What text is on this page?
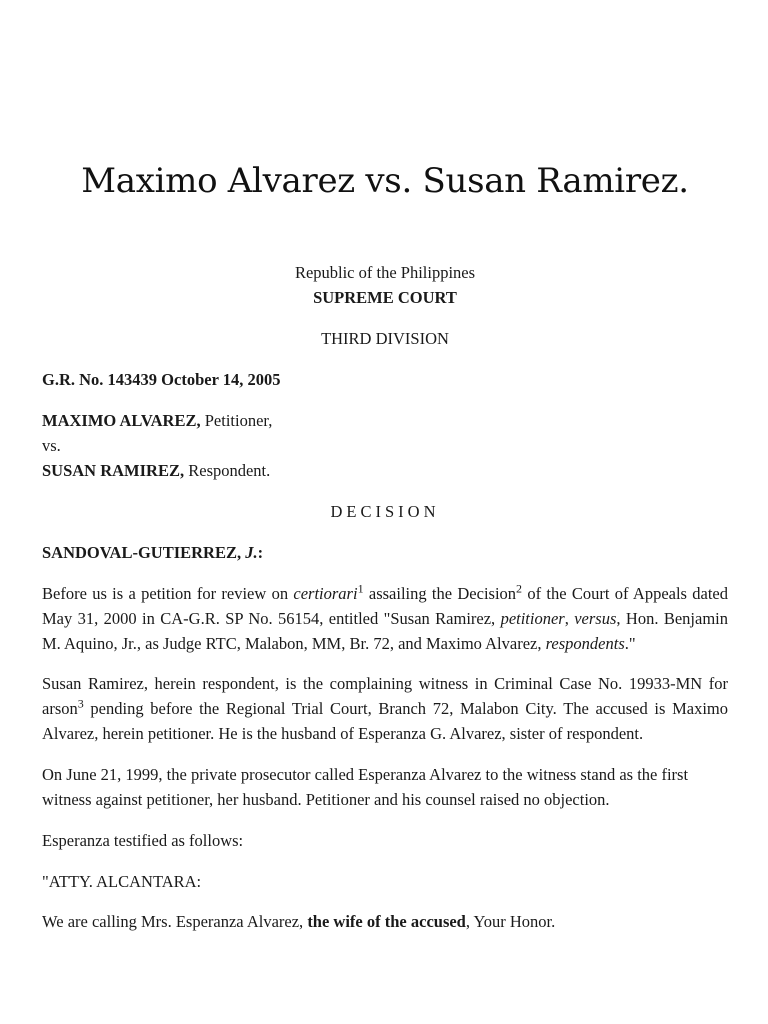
Maximo Alvarez vs. Susan Ramirez.
Republic of the Philippines
SUPREME COURT

THIRD DIVISION

G.R. No. 143439 October 14, 2005

MAXIMO ALVAREZ, Petitioner,
vs.
SUSAN RAMIREZ, Respondent.

DECISION

SANDOVAL-GUTIERREZ, J.:

Before us is a petition for review on certiorari$^1$ assailing the Decision$^2$ of the Court of Appeals dated May 31, 2000 in CA-G.R. SP No. 56154, entitled "Susan Ramirez, petitioner, versus, Hon. Benjamin M. Aquino, Jr., as Judge RTC, Malabon, MM, Br. 72, and Maximo Alvarez, respondents."

Susan Ramirez, herein respondent, is the complaining witness in Criminal Case No. 19933-MN for arson$^3$ pending before the Regional Trial Court, Branch 72, Malabon City. The accused is Maximo Alvarez, herein petitioner. He is the husband of Esperanza G. Alvarez, sister of respondent.

On June 21, 1999, the private prosecutor called Esperanza Alvarez to the witness stand as the first witness against petitioner, her husband. Petitioner and his counsel raised no objection.

Esperanza testified as follows:

"ATTY. ALCANTARA:

We are calling Mrs. Esperanza Alvarez, the wife of the accused, Your Honor.
